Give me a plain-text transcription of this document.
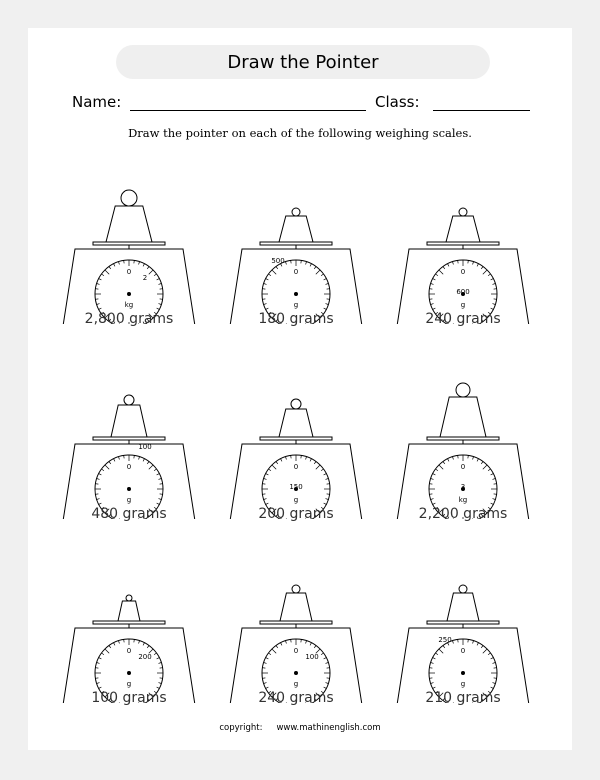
Draw the Pointer
Name:	Class:
Draw the pointer on each of the following weighing scales.
2,800 grams
0
kg
2
180 grams
0
g
500
240 grams
0
g
600
480 grams
0
g
100
200 grams
0
g
150
2,200 grams
0
kg
3
100 grams
0
g
200
240 grams
0
g
100
210 grams
0
g
250
copyright: www.mathinenglish.com
